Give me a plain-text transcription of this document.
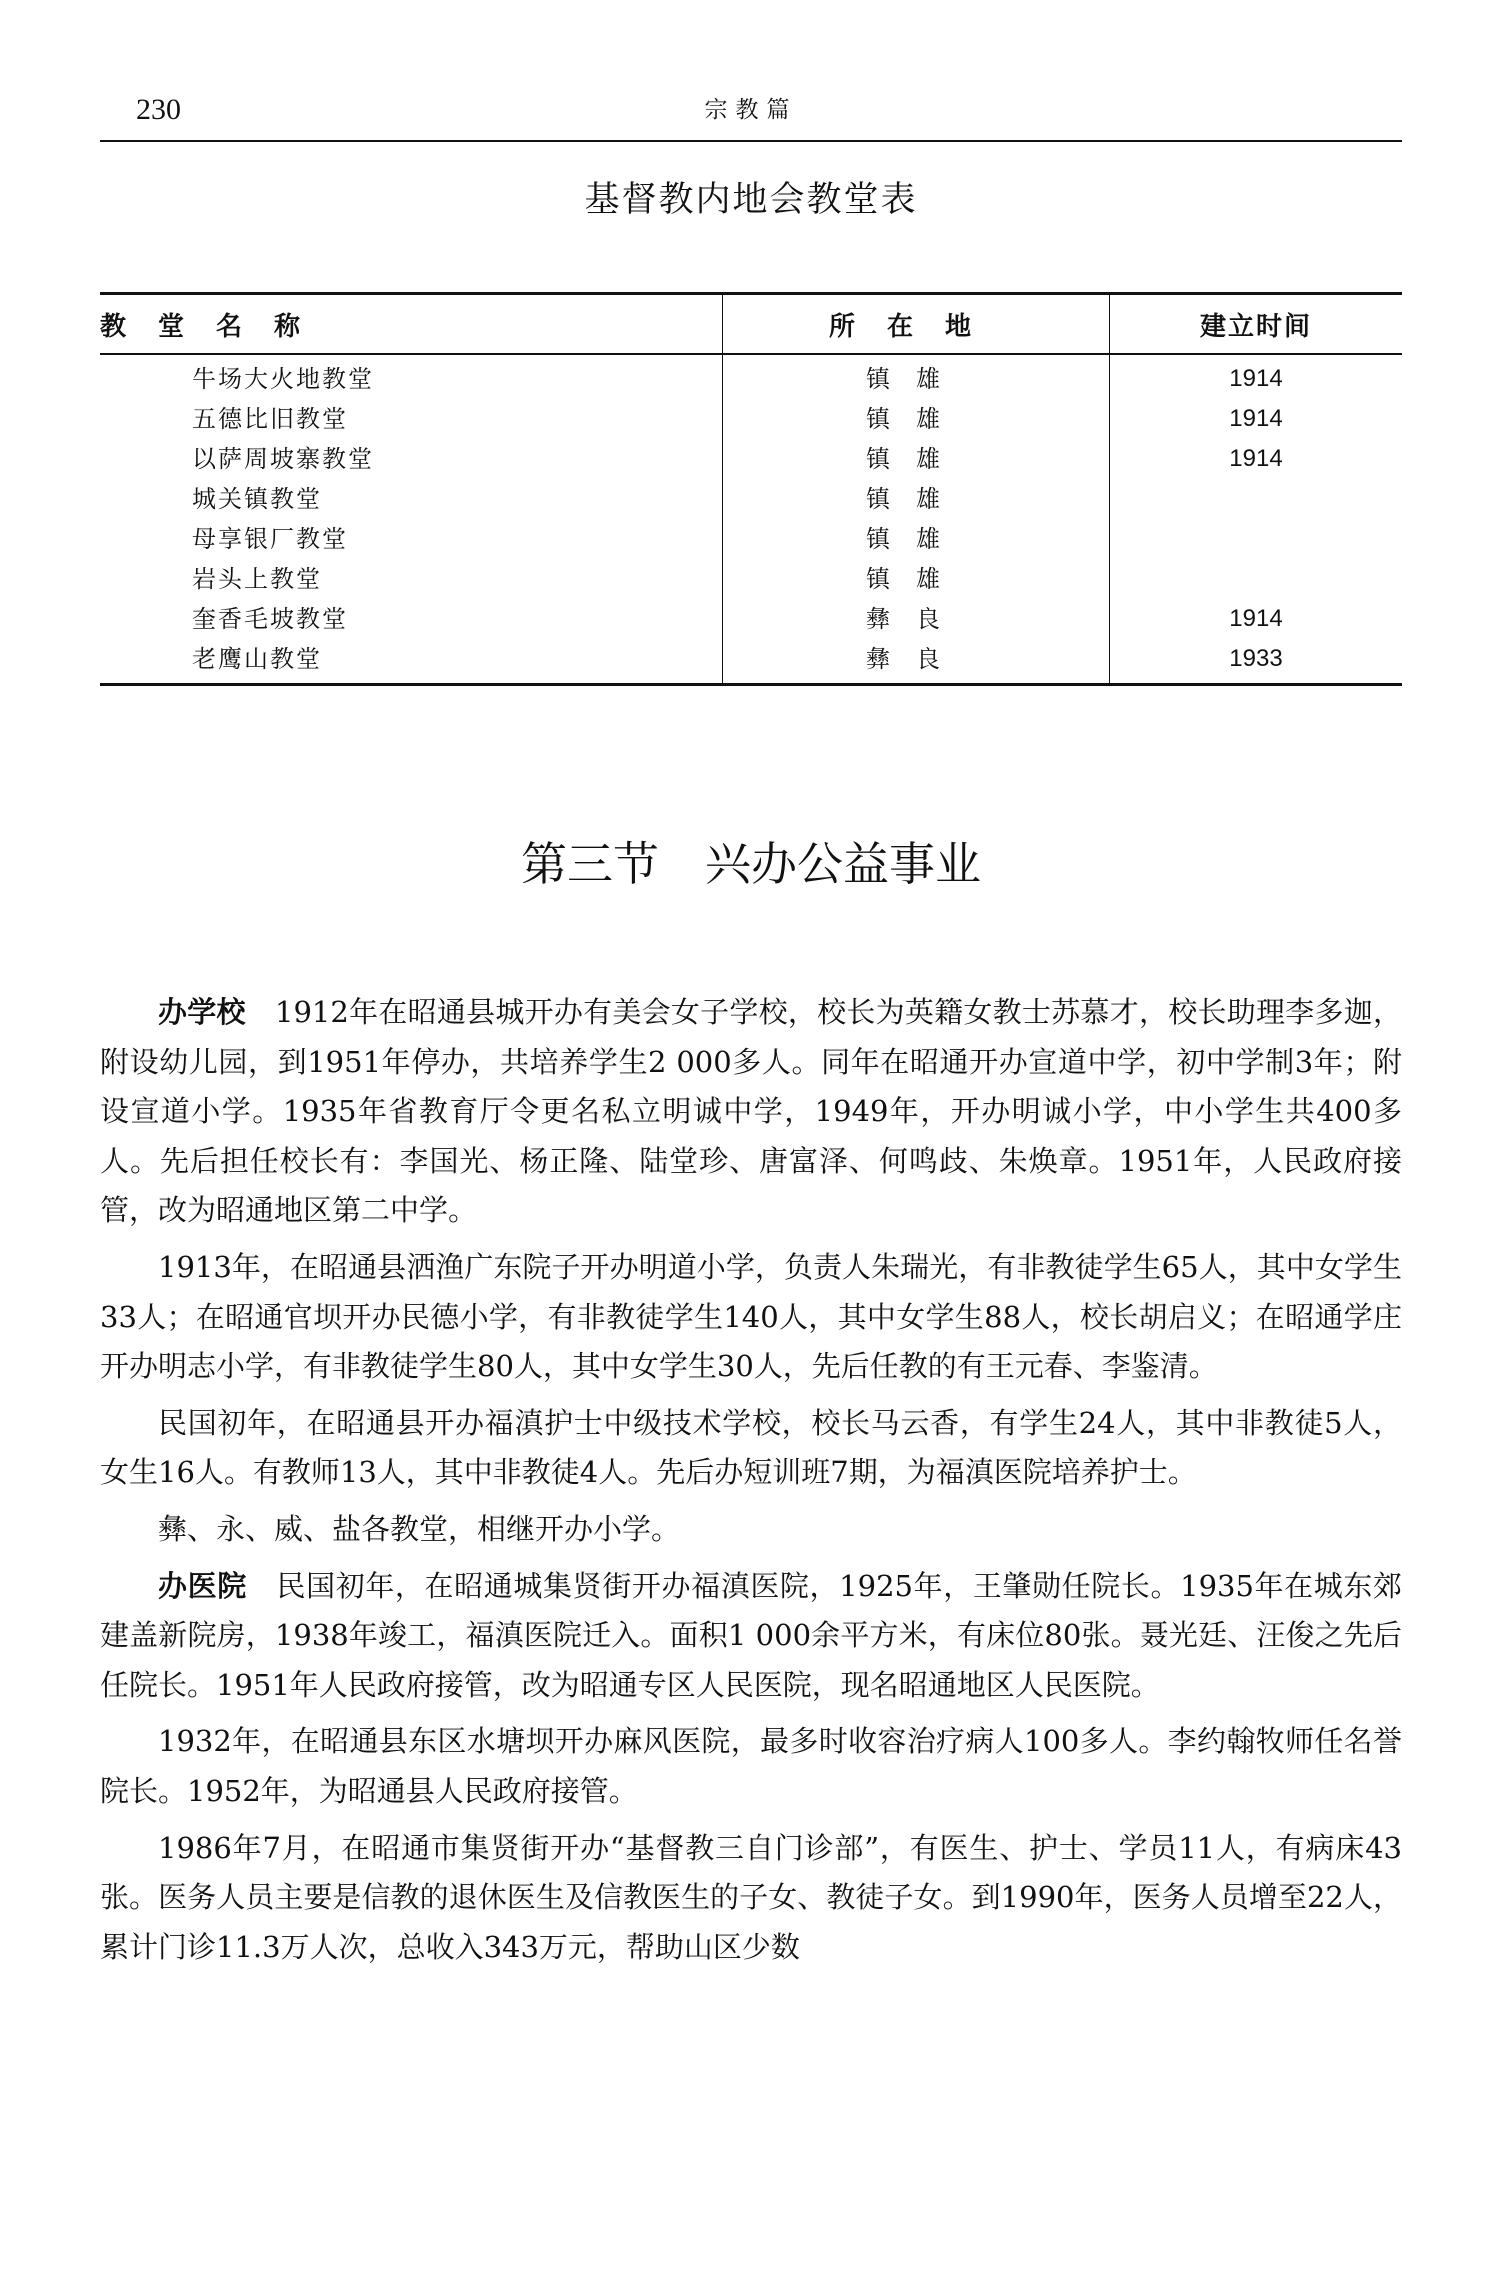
230	宗教篇
基督教内地会教堂表
教堂名称	所在地	建立时间
牛场大火地教堂	镇雄	1914
五德比旧教堂	镇雄	1914
以萨周坡寨教堂	镇雄	1914
城关镇教堂	镇雄	
母享银厂教堂	镇雄	
岩头上教堂	镇雄	
奎香毛坡教堂	彝良	1914
老鹰山教堂	彝良	1933
第三节　兴办公益事业

办学校　1912年在昭通县城开办有美会女子学校，校长为英籍女教士苏慕才，校长助理李多迦，附设幼儿园，到1951年停办，共培养学生2 000多人。同年在昭通开办宣道中学，初中学制3年；附设宣道小学。1935年省教育厅令更名私立明诚中学，1949年，开办明诚小学，中小学生共400多人。先后担任校长有：李国光、杨正隆、陆堂珍、唐富泽、何鸣歧、朱焕章。1951年，人民政府接管，改为昭通地区第二中学。

1913年，在昭通县洒渔广东院子开办明道小学，负责人朱瑞光，有非教徒学生65人，其中女学生33人；在昭通官坝开办民德小学，有非教徒学生140人，其中女学生88人，校长胡启义；在昭通学庄开办明志小学，有非教徒学生80人，其中女学生30人，先后任教的有王元春、李鉴清。

民国初年，在昭通县开办福滇护士中级技术学校，校长马云香，有学生24人，其中非教徒5人，女生16人。有教师13人，其中非教徒4人。先后办短训班7期，为福滇医院培养护士。

彝、永、威、盐各教堂，相继开办小学。

办医院　民国初年，在昭通城集贤街开办福滇医院，1925年，王肇勋任院长。1935年在城东郊建盖新院房，1938年竣工，福滇医院迁入。面积1 000余平方米，有床位80张。聂光廷、汪俊之先后任院长。1951年人民政府接管，改为昭通专区人民医院，现名昭通地区人民医院。

1932年，在昭通县东区水塘坝开办麻风医院，最多时收容治疗病人100多人。李约翰牧师任名誉院长。1952年，为昭通县人民政府接管。

1986年7月，在昭通市集贤街开办“基督教三自门诊部”，有医生、护士、学员11人，有病床43张。医务人员主要是信教的退休医生及信教医生的子女、教徒子女。到1990年，医务人员增至22人，累计门诊11.3万人次，总收入343万元，帮助山区少数
